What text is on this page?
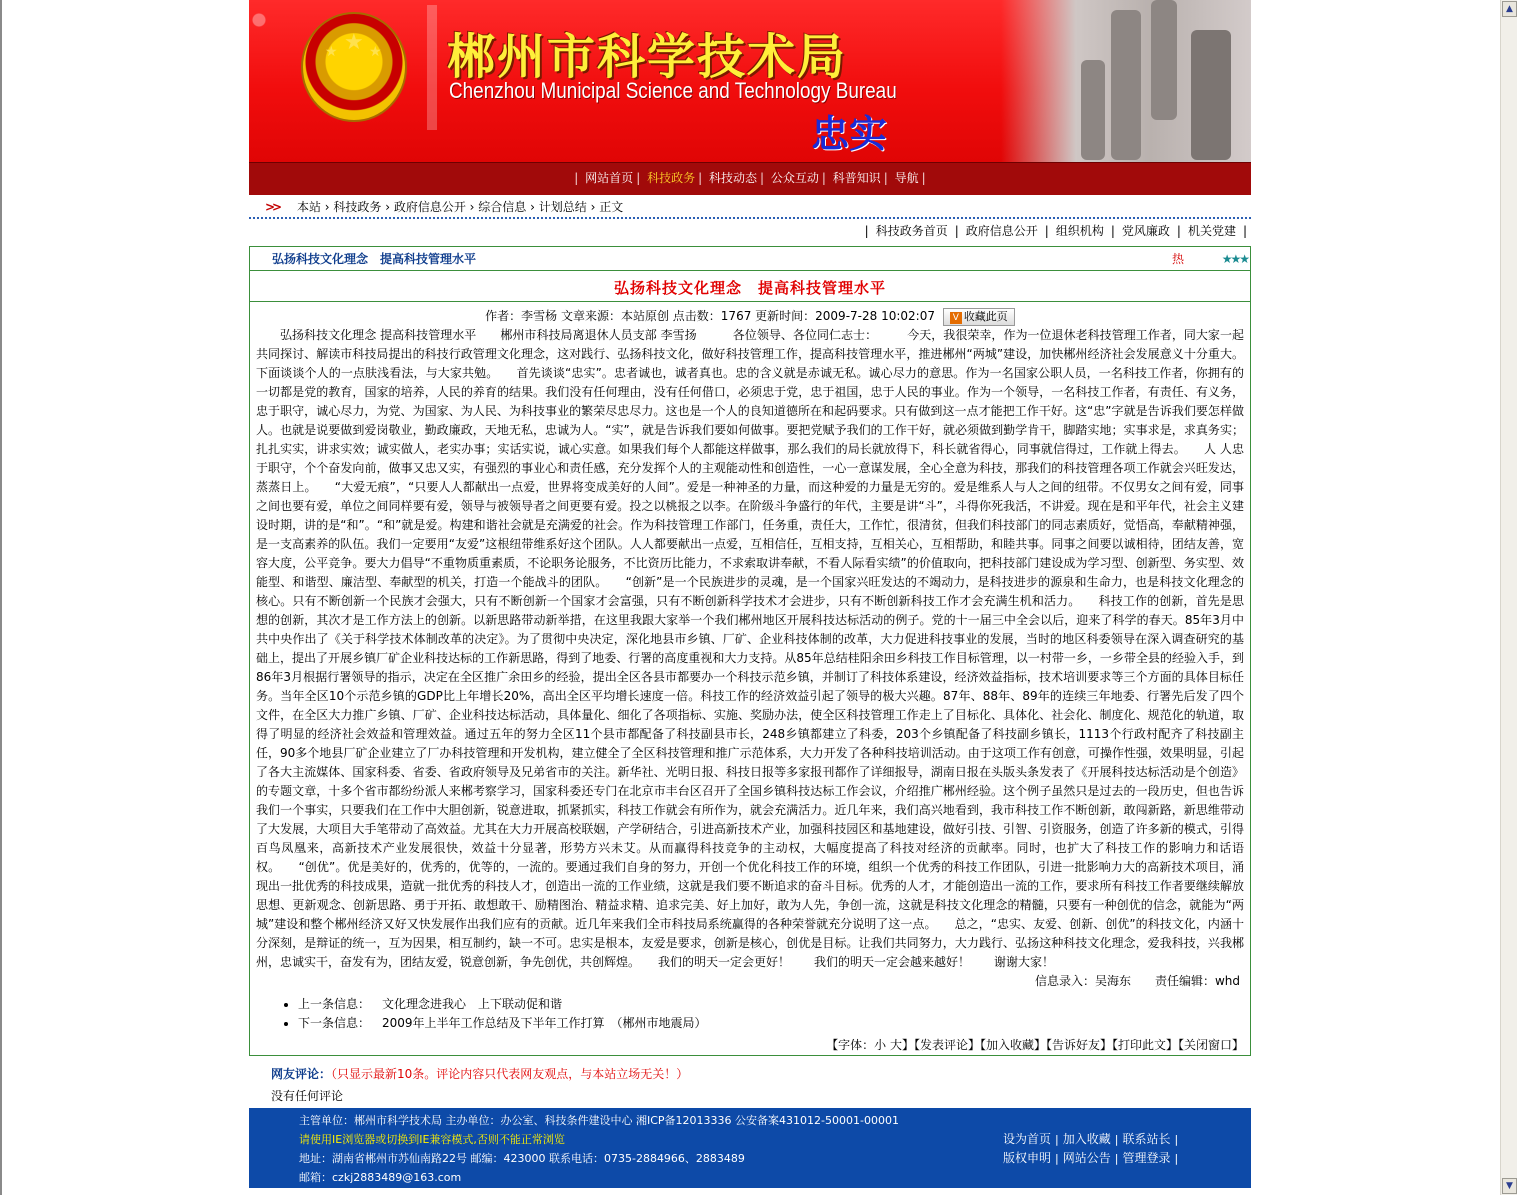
▲
▼
★
★ ★ 郴州市科学技术局
Chenzhou Municipal Science and Technology Bureau
忠实
| 网站首页 | 科技政务 | 科技动态 | 公众互动 | 科普知识 | 导航 |
>> 本站 › 科技政务 › 政府信息公开 › 综合信息 › 计划总结 › 正文
| 科技政务首页 | 政府信息公开 | 组织机构 | 党风廉政 | 机关党建 |
弘扬科技文化理念　提高科技管理水平	热	★★★
弘扬科技文化理念　提高科技管理水平
作者：李雪杨 文章来源：本站原创 点击数：1767 更新时间：2009-7-28 10:02:07 V 收藏此页
弘扬科技文化理念 提高科技管理水平　　郴州市科技局离退休人员支部 李雪扬　　　各位领导、各位同仁志士：　　　今天，我很荣幸，作为一位退休老科技管理工作者，同大家一起共同探讨、解读市科技局提出的科技行政管理文化理念，这对践行、弘扬科技文化，做好科技管理工作，提高科技管理水平，推进郴州“两城”建设，加快郴州经济社会发展意义十分重大。下面谈谈个人的一点肤浅看法，与大家共勉。　　首先谈谈“忠实”。忠者诚也，诚者真也。忠的含义就是赤诚无私。诚心尽力的意思。作为一名国家公职人员，一名科技工作者，你拥有的一切都是党的教育，国家的培养，人民的养育的结果。我们没有任何理由，没有任何借口，必须忠于党，忠于祖国，忠于人民的事业。作为一个领导，一名科技工作者，有责任、有义务，忠于职守，诚心尽力，为党、为国家、为人民、为科技事业的繁荣尽忠尽力。这也是一个人的良知道德所在和起码要求。只有做到这一点才能把工作干好。这“忠”字就是告诉我们要怎样做人。也就是说要做到爱岗敬业，勤政廉政，天地无私，忠诚为人。“实”，就是告诉我们要如何做事。要把党赋予我们的工作干好，就必须做到勤学肯干，脚踏实地；实事求是，求真务实；扎扎实实，讲求实效；诚实做人，老实办事；实话实说，诚心实意。如果我们每个人都能这样做事，那么我们的局长就放得下，科长就省得心，同事就信得过，工作就上得去。　　人 人忠于职守，个个奋发向前，做事又忠又实，有强烈的事业心和责任感，充分发挥个人的主观能动性和创造性，一心一意谋发展，全心全意为科技，那我们的科技管理各项工作就会兴旺发达，蒸蒸日上。　　“大爱无痕”，“只要人人都献出一点爱，世界将变成美好的人间”。爱是一种神圣的力量，而这种爱的力量是无穷的。爱是维系人与人之间的纽带。不仅男女之间有爱，同事之间也要有爱，单位之间同样要有爱，领导与被领导者之间更要有爱。投之以桃报之以李。在阶级斗争盛行的年代，主要是讲“斗”，斗得你死我活，不讲爱。现在是和平年代，社会主义建设时期，讲的是“和”。“和”就是爱。构建和谐社会就是充满爱的社会。作为科技管理工作部门，任务重，责任大，工作忙，很清贫，但我们科技部门的同志素质好，觉悟高，奉献精神强，是一支高素养的队伍。我们一定要用“友爱”这根纽带维系好这个团队。人人都要献出一点爱，互相信任，互相支持，互相关心，互相帮助，和睦共事。同事之间要以诚相待，团结友善，宽容大度，公平竞争。要大力倡导“不重物质重素质，不论职务论服务，不比资历比能力，不求索取讲奉献，不看人际看实绩”的价值取向，把科技部门建设成为学习型、创新型、务实型、效能型、和谐型、廉洁型、奉献型的机关，打造一个能战斗的团队。　　“创新”是一个民族进步的灵魂，是一个国家兴旺发达的不竭动力，是科技进步的源泉和生命力，也是科技文化理念的核心。只有不断创新一个民族才会强大，只有不断创新一个国家才会富强，只有不断创新科学技术才会进步，只有不断创新科技工作才会充满生机和活力。　　科技工作的创新，首先是思想的创新，其次才是工作方法上的创新。以新思路带动新举措，在这里我跟大家举一个我们郴州地区开展科技达标活动的例子。党的十一届三中全会以后，迎来了科学的春天。85年3月中共中央作出了《关于科学技术体制改革的决定》。为了贯彻中央决定，深化地县市乡镇、厂矿、企业科技体制的改革，大力促进科技事业的发展，当时的地区科委领导在深入调查研究的基础上，提出了开展乡镇厂矿企业科技达标的工作新思路，得到了地委、行署的高度重视和大力支持。从85年总结桂阳余田乡科技工作目标管理，以一村带一乡，一乡带全县的经验入手，到86年3月根据行署领导的指示，决定在全区推广余田乡的经验，提出全区各县市都要办一个科技示范乡镇，并制订了科技体系建设，经济效益指标，技术培训要求等三个方面的具体目标任务。当年全区10个示范乡镇的GDP比上年增长20%，高出全区平均增长速度一倍。科技工作的经济效益引起了领导的极大兴趣。87年、88年、89年的连续三年地委、行署先后发了四个文件，在全区大力推广乡镇、厂矿、企业科技达标活动，具体量化、细化了各项指标、实施、奖励办法，使全区科技管理工作走上了目标化、具体化、社会化、制度化、规范化的轨道，取得了明显的经济社会效益和管理效益。通过五年的努力全区11个县市都配备了科技副县市长，248乡镇都建立了科委，203个乡镇配备了科技副乡镇长，1113个行政村配齐了科技副主任，90多个地县厂矿企业建立了厂办科技管理和开发机构，建立健全了全区科技管理和推广示范体系，大力开发了各种科技培训活动。由于这项工作有创意，可操作性强，效果明显，引起了各大主流媒体、国家科委、省委、省政府领导及兄弟省市的关注。新华社、光明日报、科技日报等多家报刊都作了详细报导，湖南日报在头版头条发表了《开展科技达标活动是个创造》的专题文章，十多个省市都纷纷派人来郴考察学习，国家科委还专门在北京市丰台区召开了全国乡镇科技达标工作会议，介绍推广郴州经验。这个例子虽然只是过去的一段历史，但也告诉我们一个事实，只要我们在工作中大胆创新，锐意进取，抓紧抓实，科技工作就会有所作为，就会充满活力。近几年来，我们高兴地看到，我市科技工作不断创新，敢闯新路，新思维带动了大发展，大项目大手笔带动了高效益。尤其在大力开展高校联姻，产学研结合，引进高新技术产业，加强科技园区和基地建设，做好引技、引智、引资服务，创造了许多新的模式，引得百鸟凤凰来，高新技术产业发展很快，效益十分显著，形势方兴未艾。从而赢得科技竞争的主动权，大幅度提高了科技对经济的贡献率。同时，也扩大了科技工作的影响力和话语权。　　“创优”。优是美好的，优秀的，优等的，一流的。要通过我们自身的努力，开创一个优化科技工作的环境，组织一个优秀的科技工作团队，引进一批影响力大的高新技术项目，涌现出一批优秀的科技成果，造就一批优秀的科技人才，创造出一流的工作业绩，这就是我们要不断追求的奋斗目标。优秀的人才，才能创造出一流的工作，要求所有科技工作者要继续解放思想、更新观念、创新思路、勇于开拓、敢想敢干、励精图治、精益求精、追求完美、好上加好，敢为人先，争创一流，这就是科技文化理念的精髓，只要有一种创优的信念，就能为“两城”建设和整个郴州经济又好又快发展作出我们应有的贡献。近几年来我们全市科技局系统赢得的各种荣誉就充分说明了这一点。　　总之，“忠实、友爱、创新、创优”的科技文化，内涵十分深刻，是辩证的统一，互为因果，相互制约，缺一不可。忠实是根本，友爱是要求，创新是核心，创优是目标。让我们共同努力，大力践行、弘扬这种科技文化理念，爱我科技，兴我郴州，忠诚实干，奋发有为，团结友爱，锐意创新，争先创优，共创辉煌。　　我们的明天一定会更好！　　我们的明天一定会越来越好！　　谢谢大家！
信息录入：吴海东　　责任编辑：whd
• 上一条信息： 文化理念进我心　上下联动促和谐
• 下一条信息： 2009年上半年工作总结及下半年工作打算　（郴州市地震局）
【字体：小 大】【发表评论】【加入收藏】【告诉好友】【打印此文】【关闭窗口】
网友评论：（只显示最新10条。评论内容只代表网友观点，与本站立场无关！）
没有任何评论
主管单位：郴州市科学技术局 主办单位：办公室、科技条件建设中心 湘ICP备12013336 公安备案431012-50001-00001
请使用IE浏览器或切换到IE兼容模式,否则不能正常浏览
地址：湖南省郴州市苏仙南路22号 邮编：423000 联系电话：0735-2884966、2883489
邮箱：czkj2883489@163.com
设为首页 | 加入收藏 | 联系站长 |
版权申明 | 网站公告 | 管理登录 |
